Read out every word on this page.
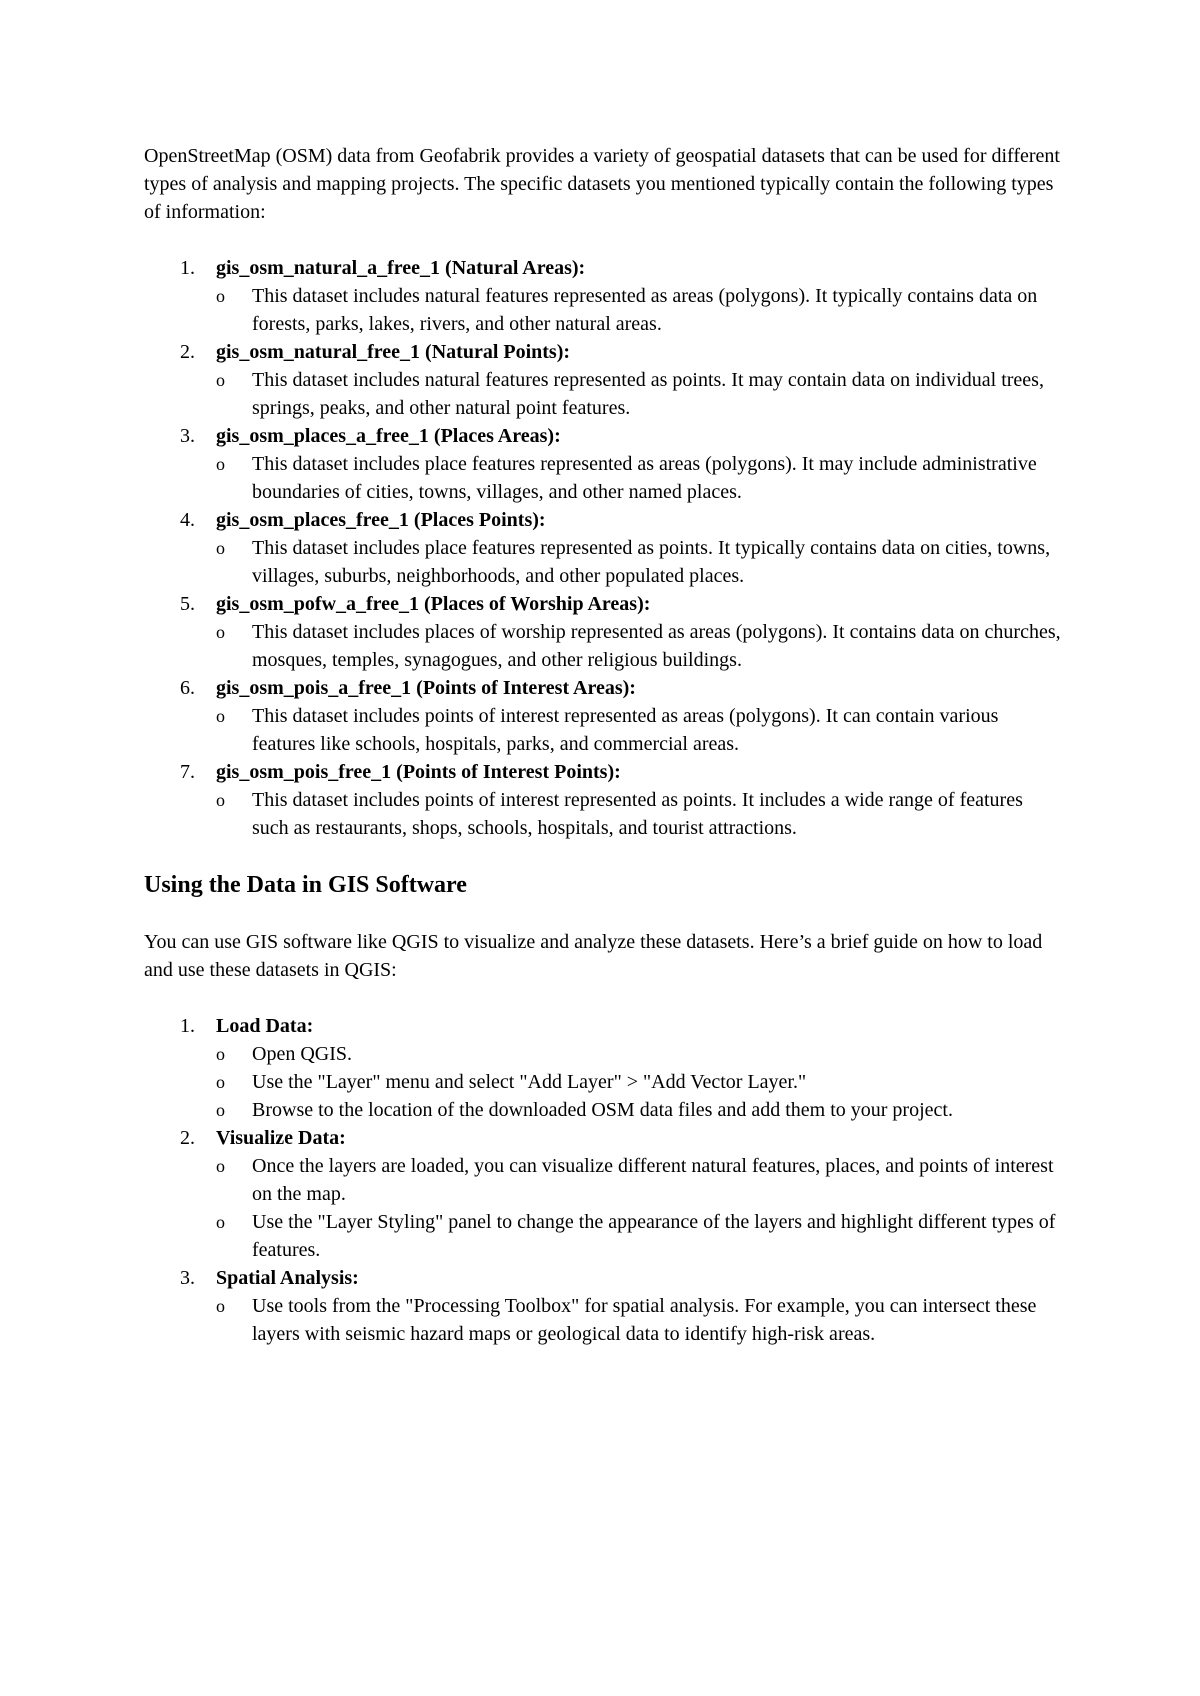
OpenStreetMap (OSM) data from Geofabrik provides a variety of geospatial datasets that can be used for different types of analysis and mapping projects. The specific datasets you mentioned typically contain the following types of information:

1.	gis_osm_natural_a_free_1 (Natural Areas):
o This dataset includes natural features represented as areas (polygons). It typically contains data on forests, parks, lakes, rivers, and other natural areas.
2.	gis_osm_natural_free_1 (Natural Points):
o This dataset includes natural features represented as points. It may contain data on individual trees, springs, peaks, and other natural point features.
3.	gis_osm_places_a_free_1 (Places Areas):
o This dataset includes place features represented as areas (polygons). It may include administrative boundaries of cities, towns, villages, and other named places.
4.	gis_osm_places_free_1 (Places Points):
o This dataset includes place features represented as points. It typically contains data on cities, towns, villages, suburbs, neighborhoods, and other populated places.
5.	gis_osm_pofw_a_free_1 (Places of Worship Areas):
o This dataset includes places of worship represented as areas (polygons). It contains data on churches, mosques, temples, synagogues, and other religious buildings.
6.	gis_osm_pois_a_free_1 (Points of Interest Areas):
o This dataset includes points of interest represented as areas (polygons). It can contain various features like schools, hospitals, parks, and commercial areas.
7.	gis_osm_pois_free_1 (Points of Interest Points):
o This dataset includes points of interest represented as points. It includes a wide range of features such as restaurants, shops, schools, hospitals, and tourist attractions.
Using the Data in GIS Software

You can use GIS software like QGIS to visualize and analyze these datasets. Here’s a brief guide on how to load and use these datasets in QGIS:

1.	Load Data:
o Open QGIS.
o Use the "Layer" menu and select "Add Layer" > "Add Vector Layer."
o Browse to the location of the downloaded OSM data files and add them to your project.
2.	Visualize Data:
o Once the layers are loaded, you can visualize different natural features, places, and points of interest on the map.
o Use the "Layer Styling" panel to change the appearance of the layers and highlight different types of features.
3.	Spatial Analysis:
o Use tools from the "Processing Toolbox" for spatial analysis. For example, you can intersect these layers with seismic hazard maps or geological data to identify high-risk areas.
